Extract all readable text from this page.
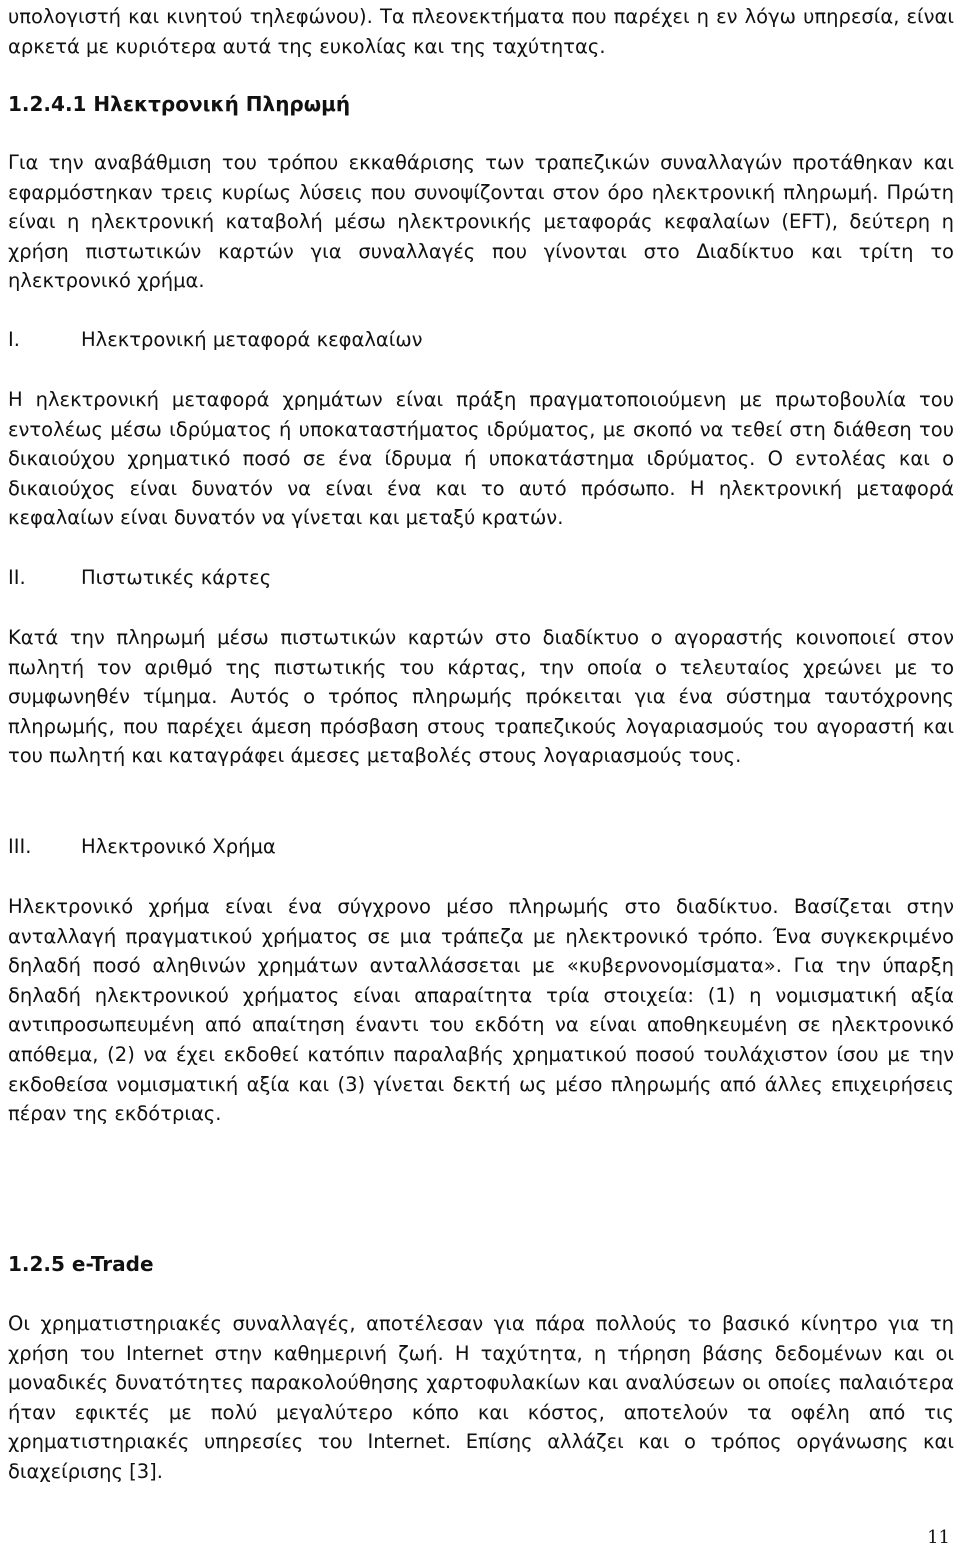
υπολογιστή και κινητού τηλεφώνου). Τα πλεονεκτήματα που παρέχει η εν λόγω υπηρεσία, είναι αρκετά με κυριότερα αυτά της ευκολίας και της ταχύτητας.

1.2.4.1 Ηλεκτρονική Πληρωμή

Για την αναβάθμιση του τρόπου εκκαθάρισης των τραπεζικών συναλλαγών προτάθηκαν και εφαρμόστηκαν τρεις κυρίως λύσεις που συνοψίζονται στον όρο ηλεκτρονική πληρωμή. Πρώτη είναι η ηλεκτρονική καταβολή μέσω ηλεκτρονικής μεταφοράς κεφαλαίων (EFT), δεύτερη η χρήση πιστωτικών καρτών για συναλλαγές που γίνονται στο Διαδίκτυο και τρίτη το ηλεκτρονικό χρήμα.

I.	Ηλεκτρονική μεταφορά κεφαλαίων

Η ηλεκτρονική μεταφορά χρημάτων είναι πράξη πραγματοποιούμενη με πρωτοβουλία του εντολέως μέσω ιδρύματος ή υποκαταστήματος ιδρύματος, με σκοπό να τεθεί στη διάθεση του δικαιούχου χρηματικό ποσό σε ένα ίδρυμα ή υποκατάστημα ιδρύματος. Ο εντολέας και ο δικαιούχος είναι δυνατόν να είναι ένα και το αυτό πρόσωπο. Η ηλεκτρονική μεταφορά κεφαλαίων είναι δυνατόν να γίνεται και μεταξύ κρατών.

II.	Πιστωτικές κάρτες

Κατά την πληρωμή μέσω πιστωτικών καρτών στο διαδίκτυο ο αγοραστής κοινοποιεί στον πωλητή τον αριθμό της πιστωτικής του κάρτας, την οποία ο τελευταίος χρεώνει με το συμφωνηθέν τίμημα. Αυτός ο τρόπος πληρωμής πρόκειται για ένα σύστημα ταυτόχρονης πληρωμής, που παρέχει άμεση πρόσβαση στους τραπεζικούς λογαριασμούς του αγοραστή και του πωλητή και καταγράφει άμεσες μεταβολές στους λογαριασμούς τους.

III.	Ηλεκτρονικό Χρήμα

Ηλεκτρονικό χρήμα είναι ένα σύγχρονο μέσο πληρωμής στο διαδίκτυο. Βασίζεται στην ανταλλαγή πραγματικού χρήματος σε μια τράπεζα με ηλεκτρονικό τρόπο. Ένα συγκεκριμένο δηλαδή ποσό αληθινών χρημάτων ανταλλάσσεται με «κυβερνονομίσματα». Για την ύπαρξη δηλαδή ηλεκτρονικού χρήματος είναι απαραίτητα τρία στοιχεία: (1) η νομισματική αξία αντιπροσωπευμένη από απαίτηση έναντι του εκδότη να είναι αποθηκευμένη σε ηλεκτρονικό απόθεμα, (2) να έχει εκδοθεί κατόπιν παραλαβής χρηματικού ποσού τουλάχιστον ίσου με την εκδοθείσα νομισματική αξία και (3) γίνεται δεκτή ως μέσο πληρωμής από άλλες επιχειρήσεις πέραν της εκδότριας.

1.2.5 e-Trade

Οι χρηματιστηριακές συναλλαγές, αποτέλεσαν για πάρα πολλούς το βασικό κίνητρο για τη χρήση του Internet στην καθημερινή ζωή. Η ταχύτητα, η τήρηση βάσης δεδομένων και οι μοναδικές δυνατότητες παρακολούθησης χαρτοφυλακίων και αναλύσεων οι οποίες παλαιότερα ήταν εφικτές με πολύ μεγαλύτερο κόπο και κόστος, αποτελούν τα οφέλη από τις χρηματιστηριακές υπηρεσίες του Internet. Επίσης αλλάζει και ο τρόπος οργάνωσης και διαχείρισης [3].

11
